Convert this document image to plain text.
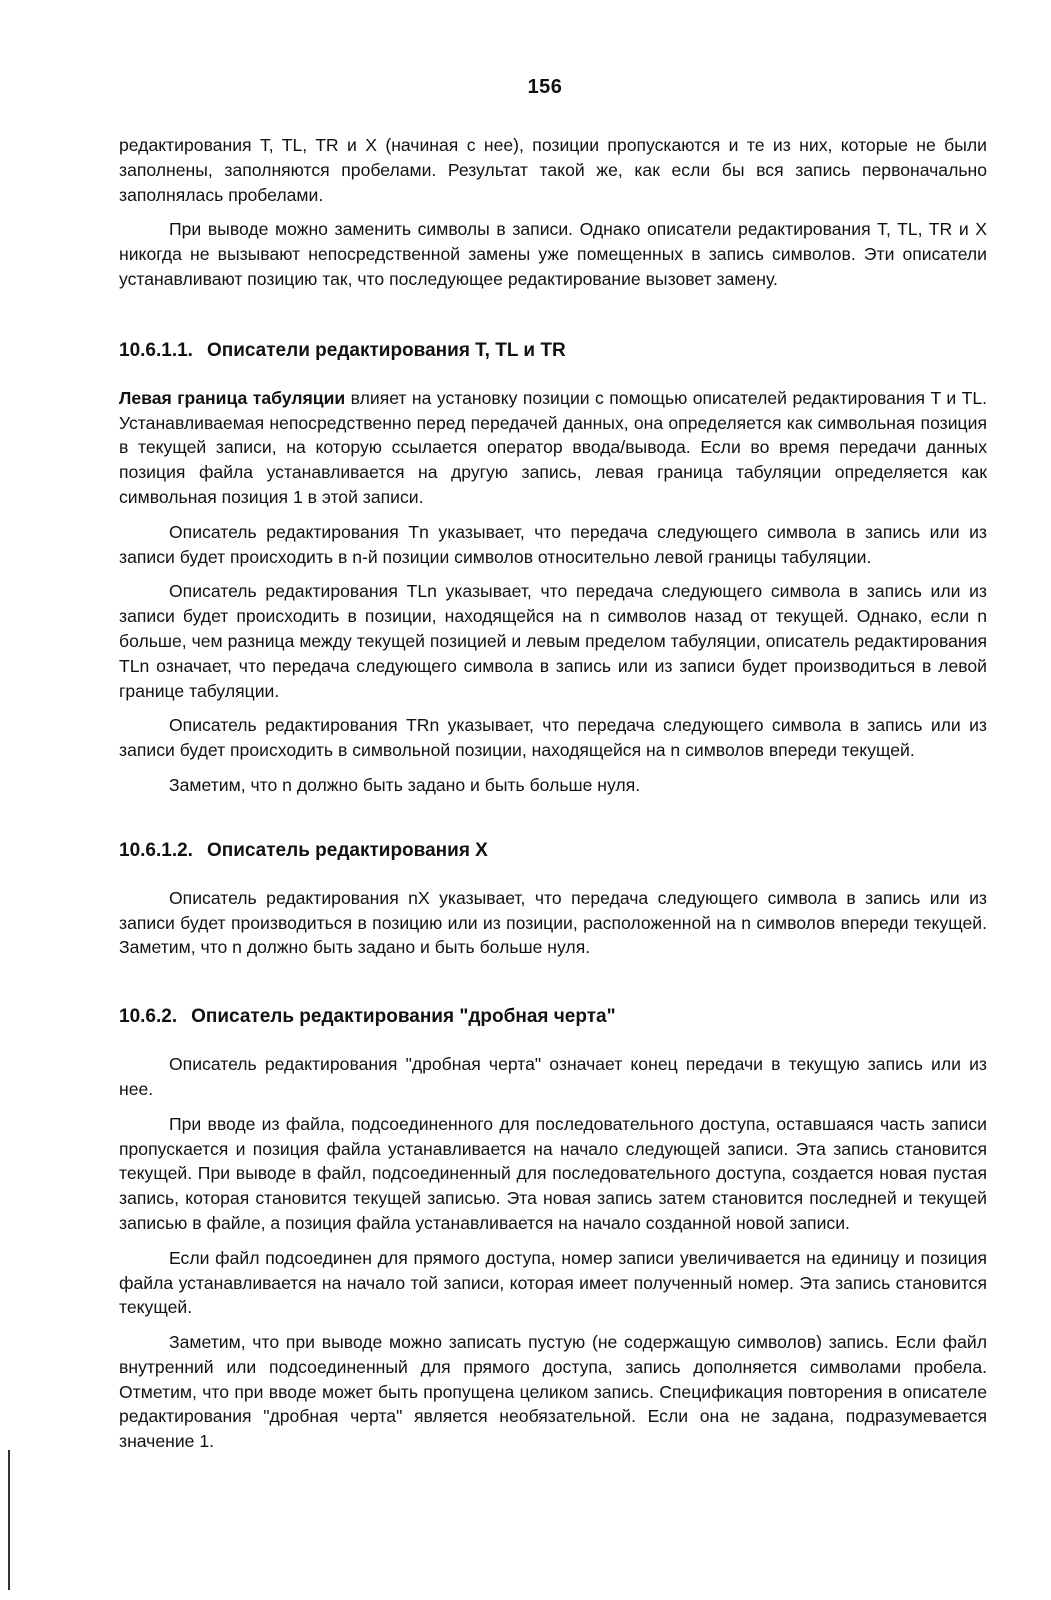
156

редактирования T, TL, TR и X (начиная с нее), позиции пропускаются и те из них, которые не были заполнены, заполняются пробелами. Результат такой же, как если бы вся запись первоначально заполнялась пробелами.

При выводе можно заменить символы в записи. Однако описатели редактирования T, TL, TR и X никогда не вызывают непосредственной замены уже помещенных в запись символов. Эти описатели устанавливают позицию так, что последующее редактирование вызовет замену.

10.6.1.1. Описатели редактирования T, TL и TR

Левая граница табуляции влияет на установку позиции с помощью описателей редактирования T и TL. Устанавливаемая непосредственно перед передачей данных, она определяется как символьная позиция в текущей записи, на которую ссылается оператор ввода/вывода. Если во время передачи данных позиция файла устанавливается на другую запись, левая граница табуляции определяется как символьная позиция 1 в этой записи.

Описатель редактирования Tn указывает, что передача следующего символа в запись или из записи будет происходить в n-й позиции символов относительно левой границы табуляции.

Описатель редактирования TLn указывает, что передача следующего символа в запись или из записи будет происходить в позиции, находящейся на n символов назад от текущей. Однако, если n больше, чем разница между текущей позицией и левым пределом табуляции, описатель редактирования TLn означает, что передача следующего символа в запись или из записи будет производиться в левой границе табуляции.

Описатель редактирования TRn указывает, что передача следующего символа в запись или из записи будет происходить в символьной позиции, находящейся на n символов впереди текущей.

Заметим, что n должно быть задано и быть больше нуля.

10.6.1.2. Описатель редактирования X

Описатель редактирования nX указывает, что передача следующего символа в запись или из записи будет производиться в позицию или из позиции, расположенной на n символов впереди текущей. Заметим, что n должно быть задано и быть больше нуля.

10.6.2. Описатель редактирования "дробная черта"

Описатель редактирования "дробная черта" означает конец передачи в текущую запись или из нее.

При вводе из файла, подсоединенного для последовательного доступа, оставшаяся часть записи пропускается и позиция файла устанавливается на начало следующей записи. Эта запись становится текущей. При выводе в файл, подсоединенный для последовательного доступа, создается новая пустая запись, которая становится текущей записью. Эта новая запись затем становится последней и текущей записью в файле, а позиция файла устанавливается на начало созданной новой записи.

Если файл подсоединен для прямого доступа, номер записи увеличивается на единицу и позиция файла устанавливается на начало той записи, которая имеет полученный номер. Эта запись становится текущей.

Заметим, что при выводе можно записать пустую (не содержащую символов) запись. Если файл внутренний или подсоединенный для прямого доступа, запись дополняется символами пробела. Отметим, что при вводе может быть пропущена целиком запись. Спецификация повторения в описателе редактирования "дробная черта" является необязательной. Если она не задана, подразумевается значение 1.
